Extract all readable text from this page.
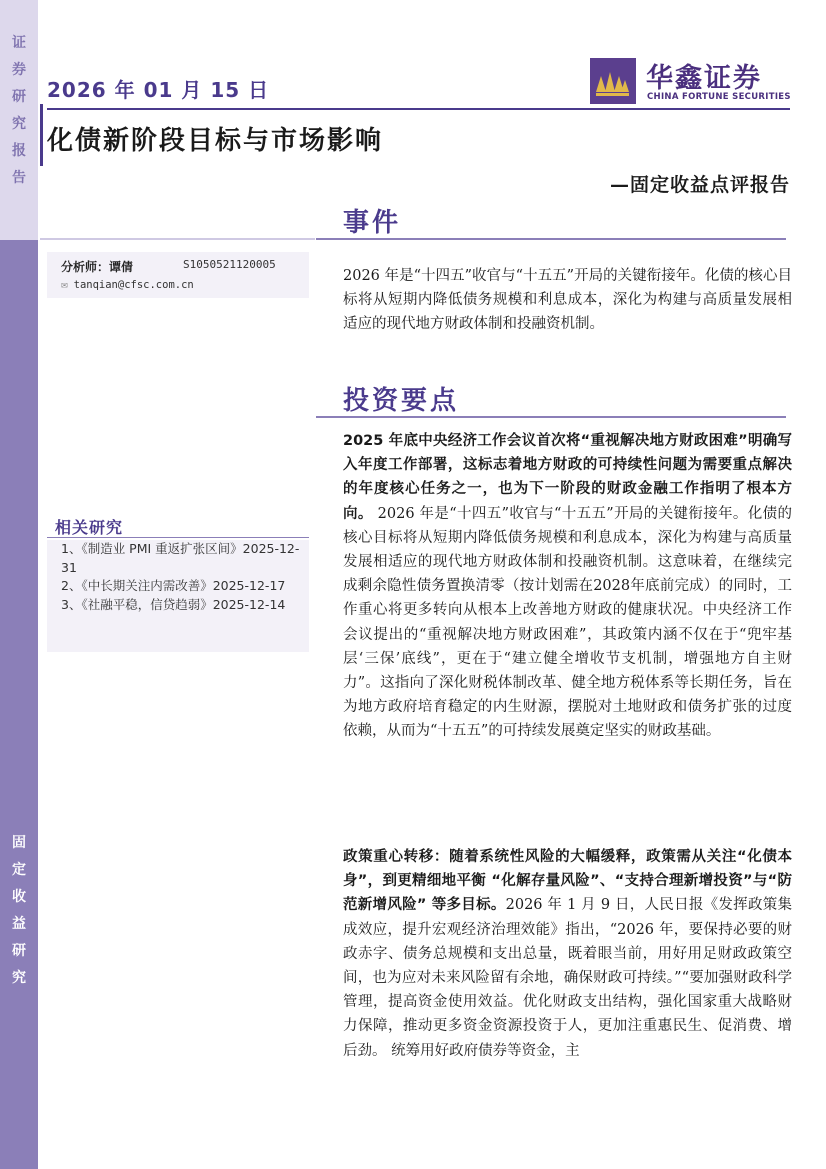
证
券
研
究
报
告
固
定
收
益
研
究
2026 年 01 月 15 日	华鑫证券
CHINA FORTUNE SECURITIES
化债新阶段目标与市场影响
—固定收益点评报告
事件
分析师：谭倩	S1050521120005
✉ tanqian@cfsc.com.cn

2026 年是“十四五”收官与“十五五”开局的关键衔接年。化债的核心目标将从短期内降低债务规模和利息成本，深化为构建与高质量发展相适应的现代地方财政体制和投融资机制。

投资要点
相关研究

1、《制造业 PMI 重返扩张区间》2025-12-31

2、《中长期关注内需改善》2025-12-17

3、《社融平稳，信贷趋弱》2025-12-14

2025 年底中央经济工作会议首次将“重视解决地方财政困难”明确写入年度工作部署，这标志着地方财政的可持续性问题为需要重点解决的年度核心任务之一，也为下一阶段的财政金融工作指明了根本方向。 2026 年是“十四五”收官与“十五五”开局的关键衔接年。化债的核心目标将从短期内降低债务规模和利息成本，深化为构建与高质量发展相适应的现代地方财政体制和投融资机制。这意味着，在继续完成剩余隐性债务置换清零（按计划需在2028年底前完成）的同时，工作重心将更多转向从根本上改善地方财政的健康状况。中央经济工作会议提出的“重视解决地方财政困难”，其政策内涵不仅在于“兜牢基层‘三保’底线”，更在于“建立健全增收节支机制，增强地方自主财力”。这指向了深化财税体制改革、健全地方税体系等长期任务，旨在为地方政府培育稳定的内生财源，摆脱对土地财政和债务扩张的过度依赖，从而为“十五五”的可持续发展奠定坚实的财政基础。

政策重心转移：随着系统性风险的大幅缓释，政策需从关注“化债本身”，到更精细地平衡 “化解存量风险”、“支持合理新增投资”与“防范新增风险” 等多目标。2026 年 1 月 9 日，人民日报《发挥政策集成效应，提升宏观经济治理效能》指出，“2026 年，要保持必要的财政赤字、债务总规模和支出总量，既着眼当前，用好用足财政政策空间，也为应对未来风险留有余地，确保财政可持续。”“要加强财政科学管理，提高资金使用效益。优化财政支出结构，强化国家重大战略财力保障，推动更多资金资源投资于人，更加注重惠民生、促消费、增后劲。 统筹用好政府债券等资金，主
